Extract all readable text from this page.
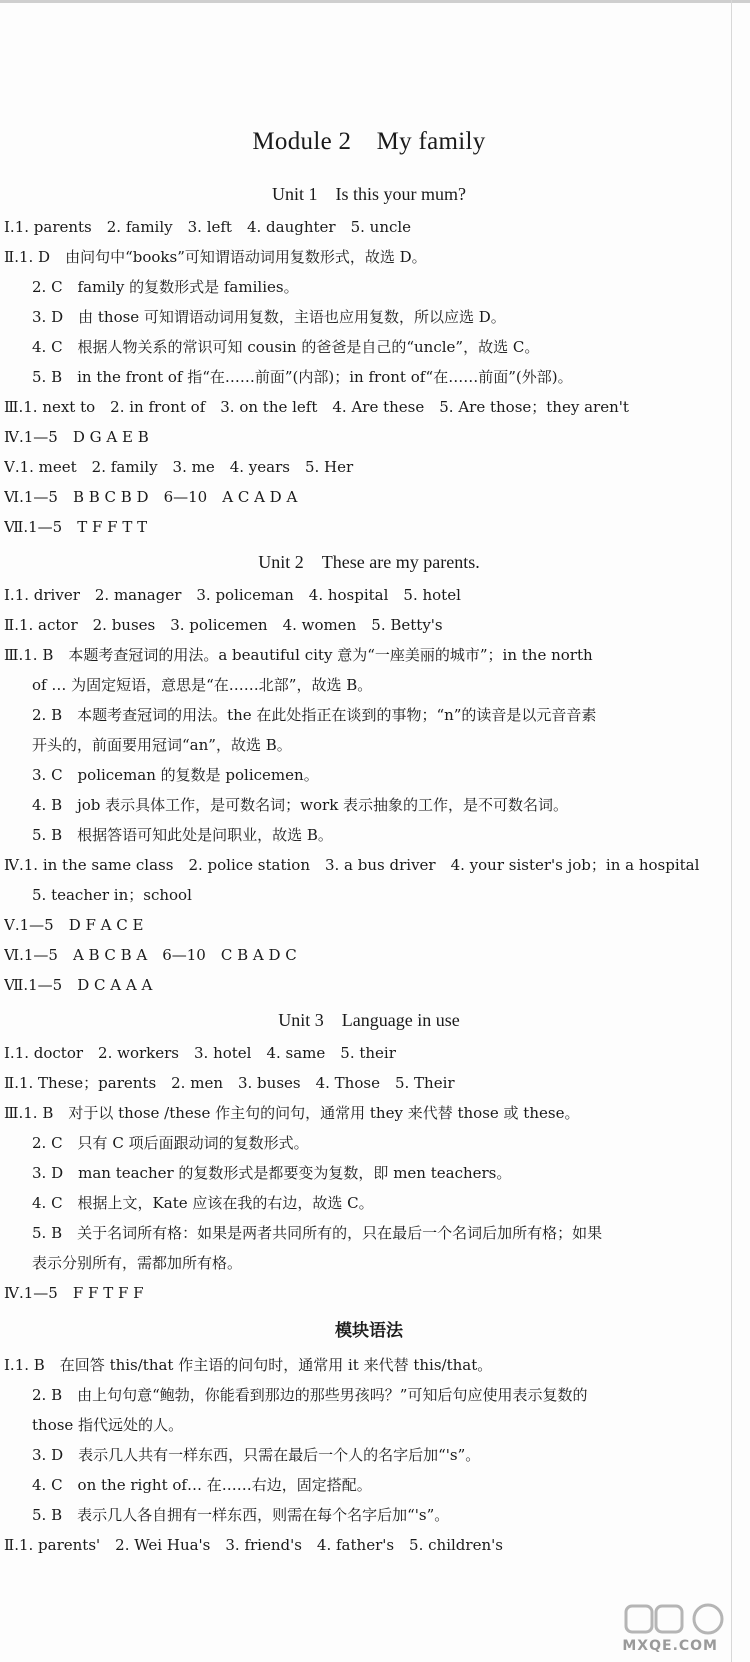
Module 2 My family
Unit 1 Is this your mum?
Ⅰ.1. parents 2. family 3. left 4. daughter 5. uncle
Ⅱ.1. D 由问句中“books”可知谓语动词用复数形式，故选 D。
2. C family 的复数形式是 families。
3. D 由 those 可知谓语动词用复数，主语也应用复数，所以应选 D。
4. C 根据人物关系的常识可知 cousin 的爸爸是自己的“uncle”，故选 C。
5. B in the front of 指“在……前面”(内部)；in front of“在……前面”(外部)。
Ⅲ.1. next to 2. in front of 3. on the left 4. Are these 5. Are those；they aren't
Ⅳ.1—5 D G A E B
Ⅴ.1. meet 2. family 3. me 4. years 5. Her
Ⅵ.1—5 B B C B D 6—10 A C A D A
Ⅶ.1—5 T F F T T
Unit 2 These are my parents.
Ⅰ.1. driver 2. manager 3. policeman 4. hospital 5. hotel
Ⅱ.1. actor 2. buses 3. policemen 4. women 5. Betty's
Ⅲ.1. B 本题考查冠词的用法。a beautiful city 意为“一座美丽的城市”；in the north
of … 为固定短语，意思是“在……北部”，故选 B。
2. B 本题考查冠词的用法。the 在此处指正在谈到的事物；“n”的读音是以元音音素
开头的，前面要用冠词“an”，故选 B。
3. C policeman 的复数是 policemen。
4. B job 表示具体工作，是可数名词；work 表示抽象的工作，是不可数名词。
5. B 根据答语可知此处是问职业，故选 B。
Ⅳ.1. in the same class 2. police station 3. a bus driver 4. your sister's job；in a hospital
5. teacher in；school
Ⅴ.1—5 D F A C E
Ⅵ.1—5 A B C B A 6—10 C B A D C
Ⅶ.1—5 D C A A A
Unit 3 Language in use
Ⅰ.1. doctor 2. workers 3. hotel 4. same 5. their
Ⅱ.1. These；parents 2. men 3. buses 4. Those 5. Their
Ⅲ.1. B 对于以 those /these 作主句的问句，通常用 they 来代替 those 或 these。
2. C 只有 C 项后面跟动词的复数形式。
3. D man teacher 的复数形式是都要变为复数，即 men teachers。
4. C 根据上文，Kate 应该在我的右边，故选 C。
5. B 关于名词所有格：如果是两者共同所有的，只在最后一个名词后加所有格；如果
表示分别所有，需都加所有格。
Ⅳ.1—5 F F T F F
模块语法
Ⅰ.1. B 在回答 this/that 作主语的问句时，通常用 it 来代替 this/that。
2. B 由上句句意“鲍勃，你能看到那边的那些男孩吗？”可知后句应使用表示复数的
those 指代远处的人。
3. D 表示几人共有一样东西，只需在最后一个人的名字后加“'s”。
4. C on the right of… 在……右边，固定搭配。
5. B 表示几人各自拥有一样东西，则需在每个名字后加“'s”。
Ⅱ.1. parents' 2. Wei Hua's 3. friend's 4. father's 5. children's
MXQE.COM
